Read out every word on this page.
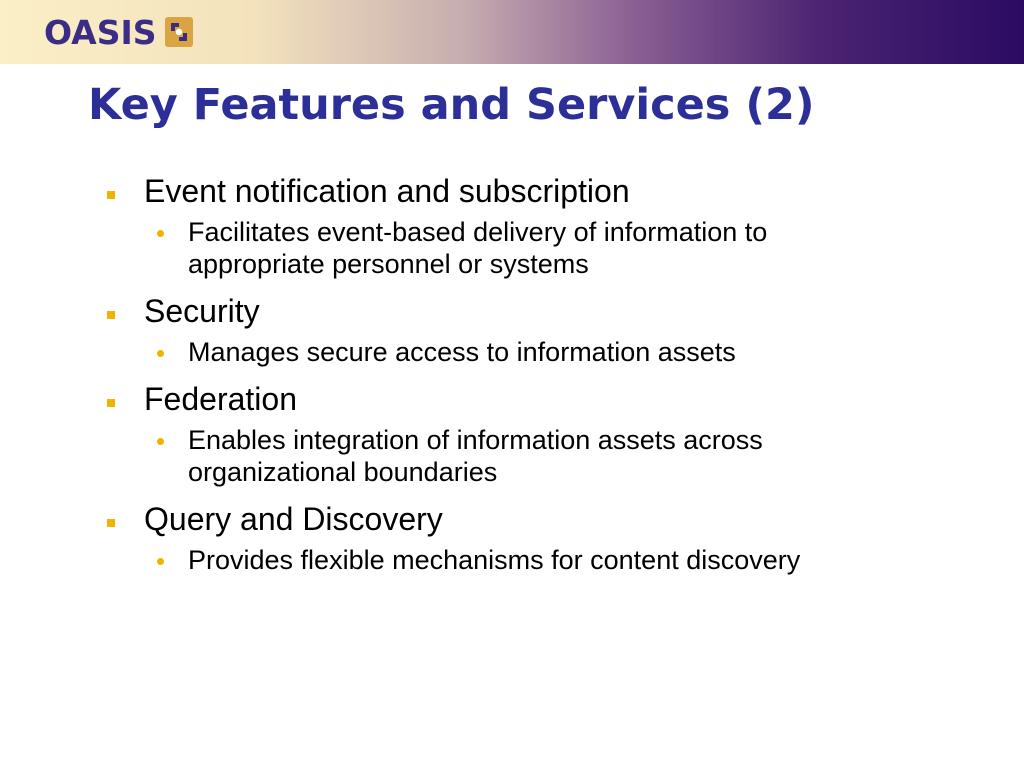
OASIS
Key Features and Services (2)
Event notification and subscription
Facilitates event-based delivery of information to appropriate personnel or systems
Security
Manages secure access to information assets
Federation
Enables integration of information assets across organizational boundaries
Query and Discovery
Provides flexible mechanisms for content discovery
